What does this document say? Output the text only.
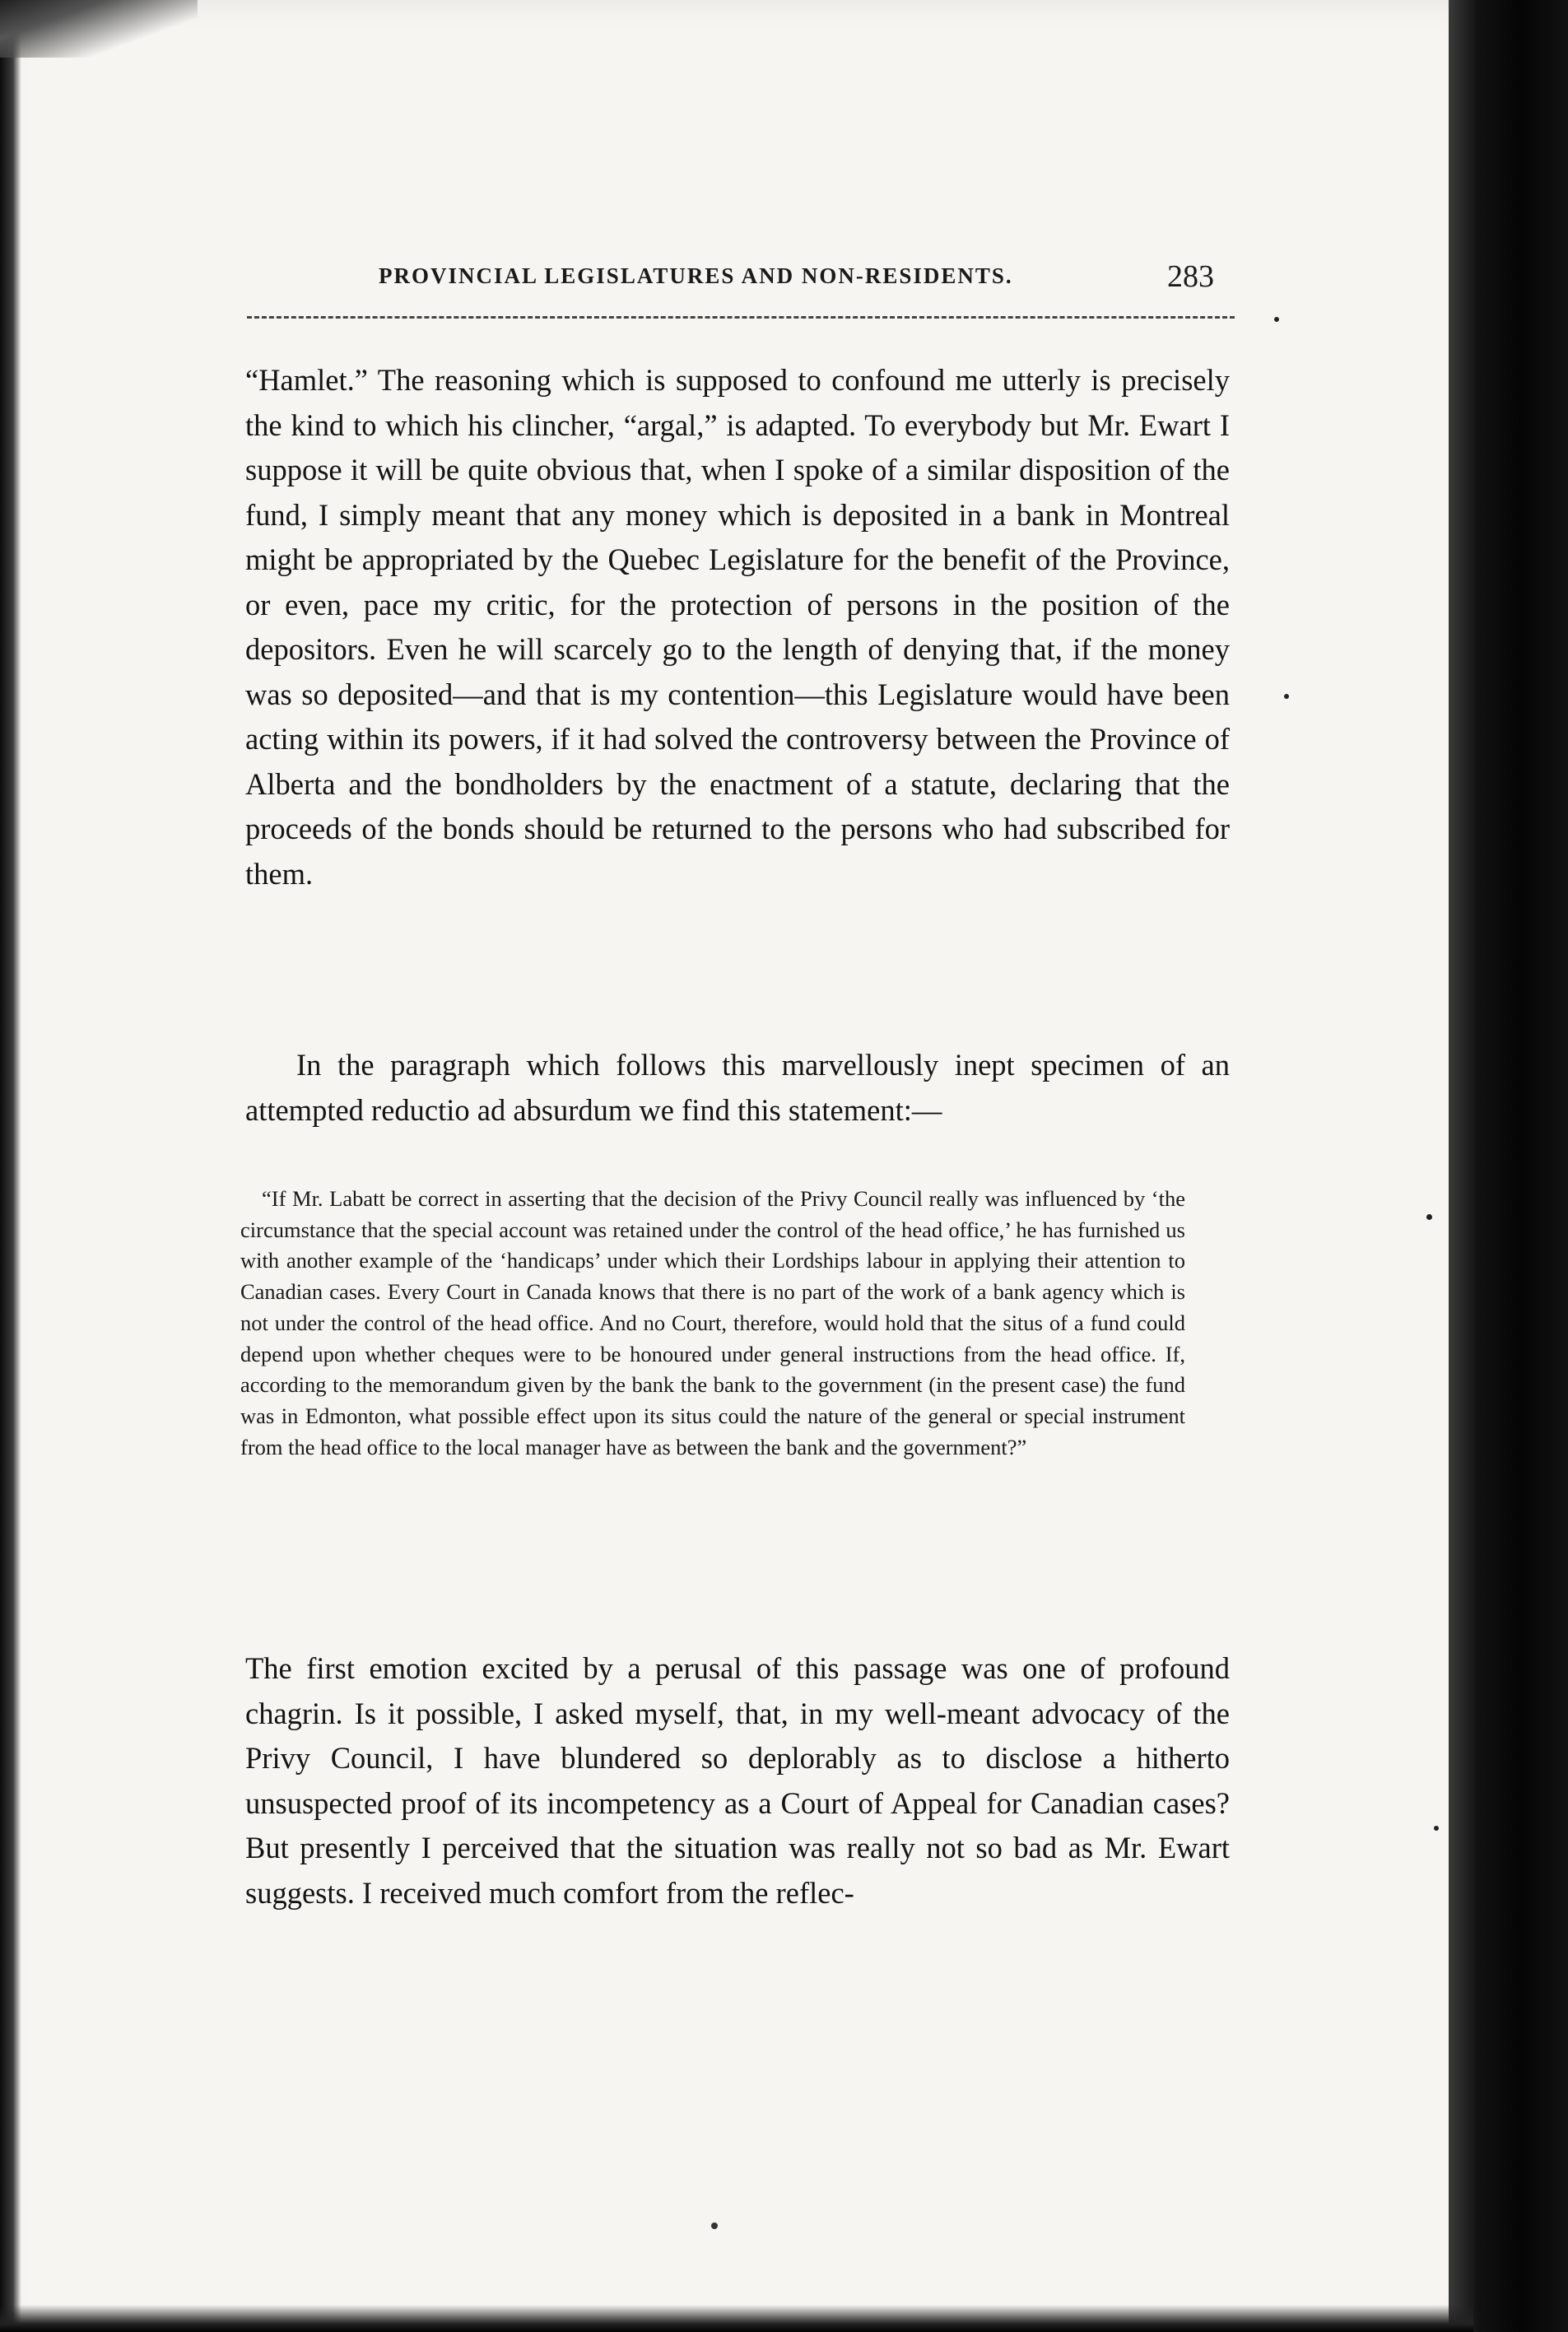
PROVINCIAL LEGISLATURES AND NON-RESIDENTS.	283

“Hamlet.” The reasoning which is supposed to confound me utterly is precisely the kind to which his clincher, “argal,” is adapted. To everybody but Mr. Ewart I suppose it will be quite obvious that, when I spoke of a similar disposition of the fund, I simply meant that any money which is deposited in a bank in Montreal might be appropriated by the Quebec Legislature for the benefit of the Province, or even, pace my critic, for the protection of persons in the position of the depositors. Even he will scarcely go to the length of denying that, if the money was so deposited—and that is my contention—this Legislature would have been acting within its powers, if it had solved the controversy between the Province of Alberta and the bondholders by the enactment of a statute, declaring that the proceeds of the bonds should be returned to the persons who had subscribed for them.

In the paragraph which follows this marvellously inept specimen of an attempted reductio ad absurdum we find this statement:—

“If Mr. Labatt be correct in asserting that the decision of the Privy Council really was influenced by ‘the circumstance that the special account was retained under the control of the head office,’ he has furnished us with another example of the ‘handicaps’ under which their Lordships labour in applying their attention to Canadian cases. Every Court in Canada knows that there is no part of the work of a bank agency which is not under the control of the head office. And no Court, therefore, would hold that the situs of a fund could depend upon whether cheques were to be honoured under general instructions from the head office. If, according to the memorandum given by the bank the bank to the government (in the present case) the fund was in Edmonton, what possible effect upon its situs could the nature of the general or special instrument from the head office to the local manager have as between the bank and the government?”

The first emotion excited by a perusal of this passage was one of profound chagrin. Is it possible, I asked myself, that, in my well-meant advocacy of the Privy Council, I have blundered so deplorably as to disclose a hitherto unsuspected proof of its incompetency as a Court of Appeal for Canadian cases? But presently I perceived that the situation was really not so bad as Mr. Ewart suggests. I received much comfort from the reflec-
